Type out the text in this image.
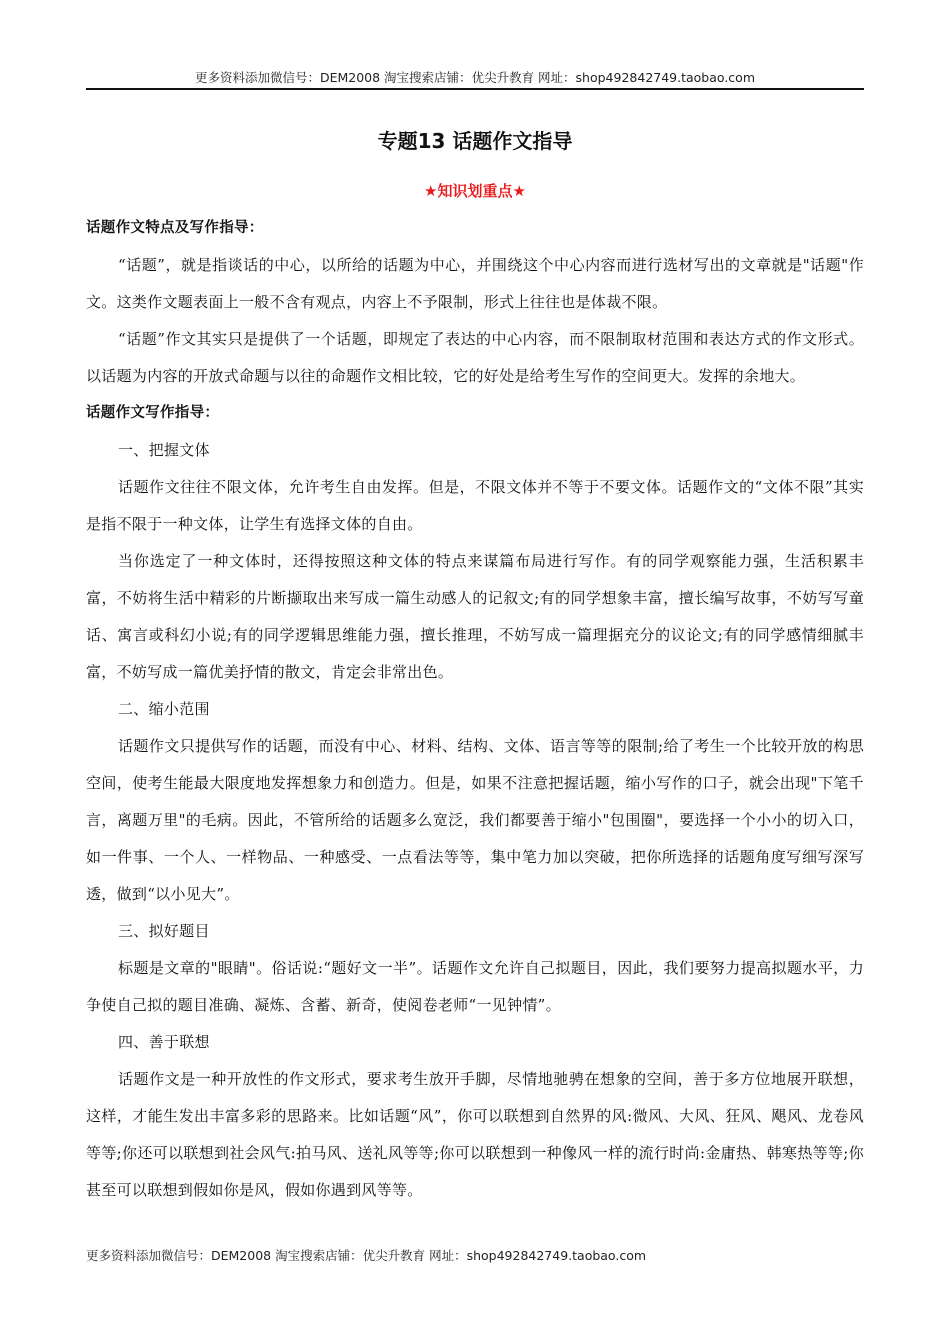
更多资料添加微信号：DEM2008 淘宝搜索店铺：优尖升教育 网址：shop492842749.taobao.com
专题13 话题作文指导
★知识划重点★

话题作文特点及写作指导：

“话题”，就是指谈话的中心，以所给的话题为中心，并围绕这个中心内容而进行选材写出的文章就是"话题"作文。这类作文题表面上一般不含有观点，内容上不予限制，形式上往往也是体裁不限。

“话题”作文其实只是提供了一个话题，即规定了表达的中心内容，而不限制取材范围和表达方式的作文形式。以话题为内容的开放式命题与以往的命题作文相比较，它的好处是给考生写作的空间更大。发挥的余地大。

话题作文写作指导：

一、把握文体

话题作文往往不限文体，允许考生自由发挥。但是，不限文体并不等于不要文体。话题作文的“文体不限”其实是指不限于一种文体，让学生有选择文体的自由。

当你选定了一种文体时，还得按照这种文体的特点来谋篇布局进行写作。有的同学观察能力强，生活积累丰富，不妨将生活中精彩的片断撷取出来写成一篇生动感人的记叙文;有的同学想象丰富，擅长编写故事，不妨写写童话、寓言或科幻小说;有的同学逻辑思维能力强，擅长推理，不妨写成一篇理据充分的议论文;有的同学感情细腻丰富，不妨写成一篇优美抒情的散文，肯定会非常出色。

二、缩小范围

话题作文只提供写作的话题，而没有中心、材料、结构、文体、语言等等的限制;给了考生一个比较开放的构思空间，使考生能最大限度地发挥想象力和创造力。但是，如果不注意把握话题，缩小写作的口子，就会出现"下笔千言，离题万里"的毛病。因此，不管所给的话题多么宽泛，我们都要善于缩小"包围圈"，要选择一个小小的切入口，如一件事、一个人、一样物品、一种感受、一点看法等等，集中笔力加以突破，把你所选择的话题角度写细写深写透，做到“以小见大”。

三、拟好题目

标题是文章的"眼睛"。俗话说:“题好文一半”。话题作文允许自己拟题目，因此，我们要努力提高拟题水平，力争使自己拟的题目准确、凝炼、含蓄、新奇，使阅卷老师“一见钟情”。

四、善于联想

话题作文是一种开放性的作文形式，要求考生放开手脚，尽情地驰骋在想象的空间，善于多方位地展开联想，这样，才能生发出丰富多彩的思路来。比如话题“风”，你可以联想到自然界的风:微风、大风、狂风、飓风、龙卷风等等;你还可以联想到社会风气:拍马风、送礼风等等;你可以联想到一种像风一样的流行时尚:金庸热、韩寒热等等;你甚至可以联想到假如你是风，假如你遇到风等等。

更多资料添加微信号：DEM2008 淘宝搜索店铺：优尖升教育 网址：shop492842749.taobao.com
